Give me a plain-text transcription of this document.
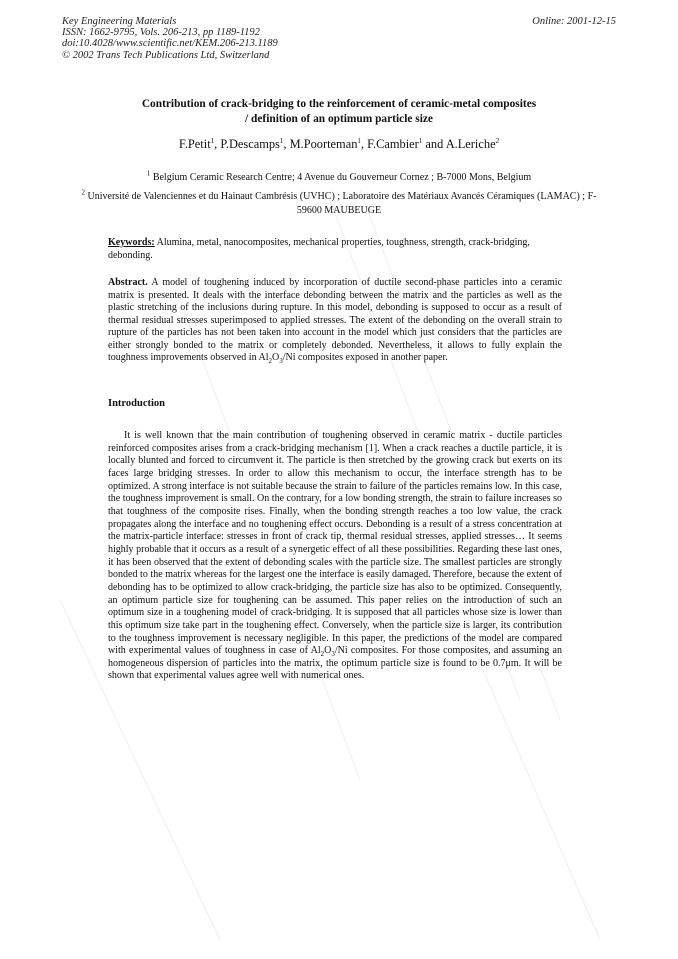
Key Engineering Materials
ISSN: 1662-9795, Vols. 206-213, pp 1189-1192
doi:10.4028/www.scientific.net/KEM.206-213.1189
© 2002 Trans Tech Publications Ltd, Switzerland
Online: 2001-12-15
Contribution of crack-bridging to the reinforcement of ceramic-metal composites
/ definition of an optimum particle size
F.Petit$^1$, P.Descamps$^1$, M.Poorteman$^1$, F.Cambier$^1$ and A.Leriche$^2$
$^1$ Belgium Ceramic Research Centre; 4 Avenue du Gouverneur Cornez ; B-7000 Mons, Belgium
$^2$ Université de Valenciennes et du Hainaut Cambrésis (UVHC) ; Laboratoire des Matériaux Avancés Céramiques (LAMAC) ; F-59600 MAUBEUGE
Keywords: Alumina, metal, nanocomposites, mechanical properties, toughness, strength, crack-bridging, debonding.
Abstract. A model of toughening induced by incorporation of ductile second-phase particles into a ceramic matrix is presented. It deals with the interface debonding between the matrix and the particles as well as the plastic stretching of the inclusions during rupture. In this model, debonding is supposed to occur as a result of thermal residual stresses superimposed to applied stresses. The extent of the debonding on the overall strain to rupture of the particles has not been taken into account in the model which just considers that the particles are either strongly bonded to the matrix or completely debonded. Nevertheless, it allows to fully explain the toughness improvements observed in $Al_2O_3/Ni$ composites exposed in another paper.
Introduction
It is well known that the main contribution of toughening observed in ceramic matrix - ductile particles reinforced composites arises from a crack-bridging mechanism [1]. When a crack reaches a ductile particle, it is locally blunted and forced to circumvent it. The particle is then stretched by the growing crack but exerts on its faces large bridging stresses. In order to allow this mechanism to occur, the interface strength has to be optimized. A strong interface is not suitable because the strain to failure of the particles remains low. In this case, the toughness improvement is small. On the contrary, for a low bonding strength, the strain to failure increases so that toughness of the composite rises. Finally, when the bonding strength reaches a too low value, the crack propagates along the interface and no toughening effect occurs. Debonding is a result of a stress concentration at the matrix-particle interface: stresses in front of crack tip, thermal residual stresses, applied stresses… It seems highly probable that it occurs as a result of a synergetic effect of all these possibilities. Regarding these last ones, it has been observed that the extent of debonding scales with the particle size. The smallest particles are strongly bonded to the matrix whereas for the largest one the interface is easily damaged. Therefore, because the extent of debonding has to be optimized to allow crack-bridging, the particle size has also to be optimized. Consequently, an optimum particle size for toughening can be assumed. This paper relies on the introduction of such an optimum size in a toughening model of crack-bridging. It is supposed that all particles whose size is lower than this optimum size take part in the toughening effect. Conversely, when the particle size is larger, its contribution to the toughness improvement is necessary negligible. In this paper, the predictions of the model are compared with experimental values of toughness in case of $Al_2O_3/Ni$ composites. For those composites, and assuming an homogeneous dispersion of particles into the matrix, the optimum particle size is found to be 0.7μm. It will be shown that experimental values agree well with numerical ones.
